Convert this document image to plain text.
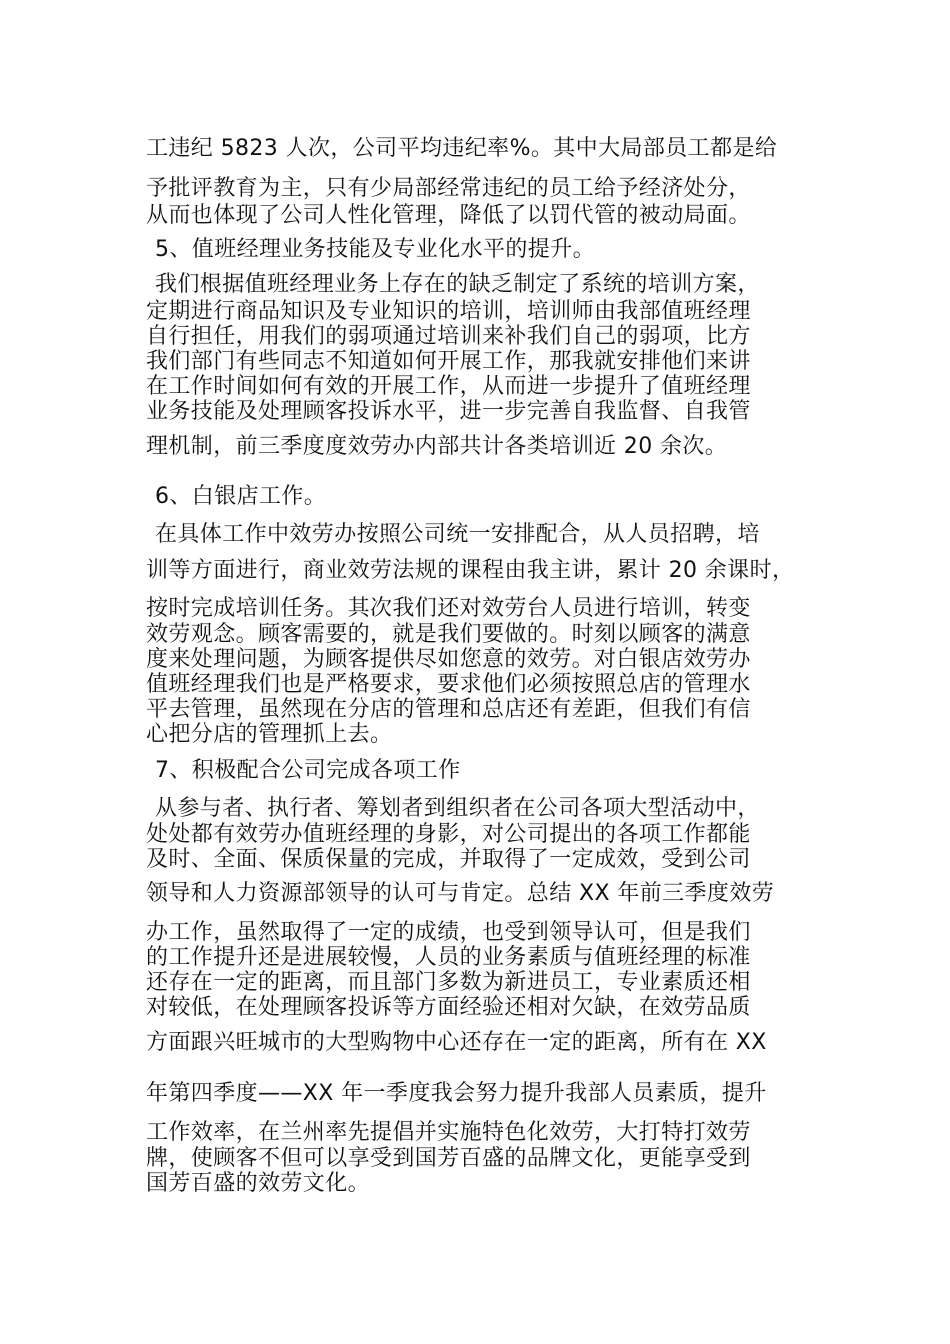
工违纪 5823 人次，公司平均违纪率%。其中大局部员工都是给
予批评教育为主，只有少局部经常违纪的员工给予经济处分，
从而也体现了公司人性化管理，降低了以罚代管的被动局面。
5、值班经理业务技能及专业化水平的提升。
我们根据值班经理业务上存在的缺乏制定了系统的培训方案，
定期进行商品知识及专业知识的培训，培训师由我部值班经理
自行担任，用我们的弱项通过培训来补我们自己的弱项，比方
我们部门有些同志不知道如何开展工作，那我就安排他们来讲
在工作时间如何有效的开展工作，从而进一步提升了值班经理
业务技能及处理顾客投诉水平，进一步完善自我监督、自我管
理机制，前三季度度效劳办内部共计各类培训近 20 余次。
6、白银店工作。
在具体工作中效劳办按照公司统一安排配合，从人员招聘，培
训等方面进行，商业效劳法规的课程由我主讲，累计 20 余课时，
按时完成培训任务。其次我们还对效劳台人员进行培训，转变
效劳观念。顾客需要的，就是我们要做的。时刻以顾客的满意
度来处理问题，为顾客提供尽如您意的效劳。对白银店效劳办
值班经理我们也是严格要求，要求他们必须按照总店的管理水
平去管理，虽然现在分店的管理和总店还有差距，但我们有信
心把分店的管理抓上去。
7、积极配合公司完成各项工作
从参与者、执行者、筹划者到组织者在公司各项大型活动中，
处处都有效劳办值班经理的身影，对公司提出的各项工作都能
及时、全面、保质保量的完成，并取得了一定成效，受到公司
领导和人力资源部领导的认可与肯定。总结 XX 年前三季度效劳
办工作，虽然取得了一定的成绩，也受到领导认可，但是我们
的工作提升还是进展较慢，人员的业务素质与值班经理的标准
还存在一定的距离，而且部门多数为新进员工，专业素质还相
对较低，在处理顾客投诉等方面经验还相对欠缺，在效劳品质
方面跟兴旺城市的大型购物中心还存在一定的距离，所有在 XX
年第四季度——XX 年一季度我会努力提升我部人员素质，提升
工作效率，在兰州率先提倡并实施特色化效劳，大打特打效劳
牌，使顾客不但可以享受到国芳百盛的品牌文化，更能享受到
国芳百盛的效劳文化。
